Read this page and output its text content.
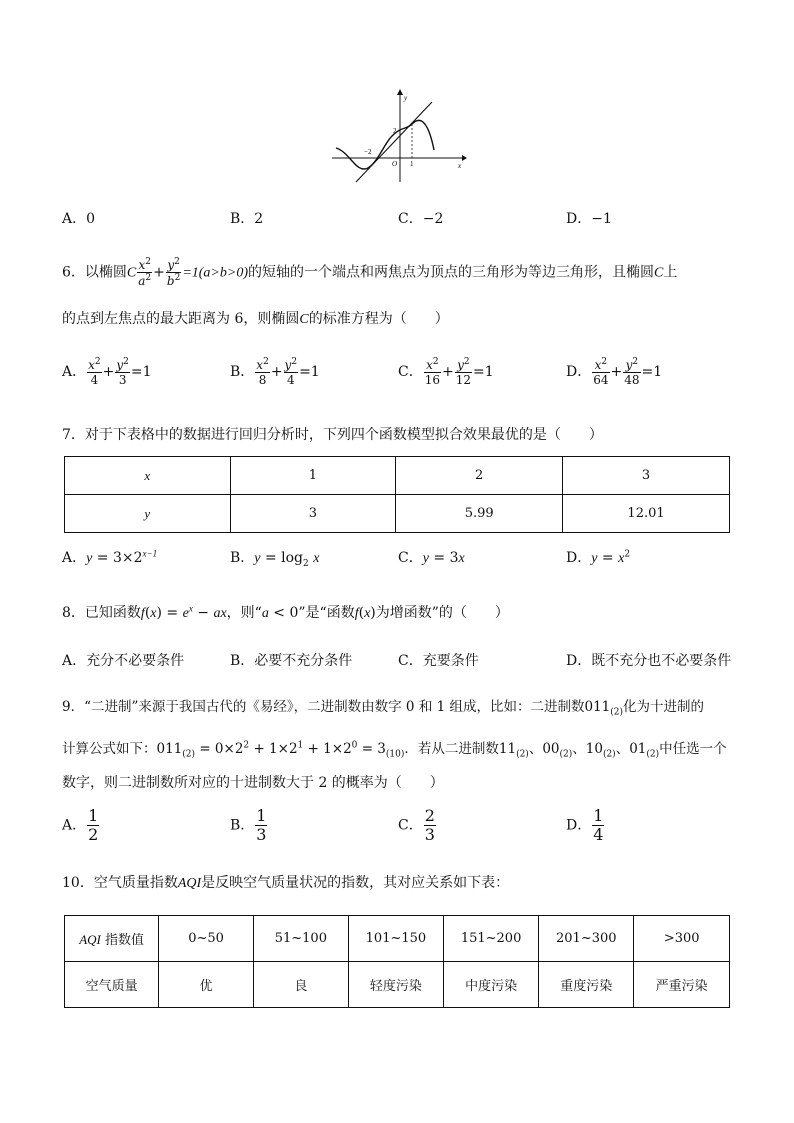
y
x
O
2
−2
1
A．0	B．2	C．−2	D．−1
6．以椭圆C $\frac{x^2}{a^2} + \frac{y^2}{b^2} =1(a>b>0)$的短轴的一个端点和两焦点为顶点的三角形为等边三角形，且椭圆C上
的点到左焦点的最大距离为 6，则椭圆C的标准方程为（　　）
A． $\frac{x^2}{4} + \frac{y^2}{3} =1$	B． $\frac{x^2}{8} + \frac{y^2}{4} =1$	C． $\frac{x^2}{16} + \frac{y^2}{12} =1$	D． $\frac{x^2}{64} + \frac{y^2}{48} =1$
7．对于下表格中的数据进行回归分析时，下列四个函数模型拟合效果最优的是（　　）
x	1	2	3
y	3	5.99	12.01
A．$y = 3\times 2^{x-1}$	B．$y = \log_2 x$	C．y = 3x	D．$y = x^2$
8．已知函数$f(x) = e^x$ − ax，则“a < 0”是“函数f(x)为增函数”的（　　）
A．充分不必要条件	B．必要不充分条件	C．充要条件	D．既不充分也不必要条件
9．“二进制”来源于我国古代的《易经》，二进制数由数字 0 和 1 组成，比如：二进制数$011_{(2)}$化为十进制的
计算公式如下：$011_{(2)} = 0\times 2^2 + 1\times 2^1 + 1\times 2^0 = 3_{(10)}$．若从二进制数$11_{(2)}$、$00_{(2)}$、$10_{(2)}$、$01_{(2)}$中任选一个
数字，则二进制数所对应的十进制数大于 2 的概率为（　　）
A． $\frac{1}{2}$	B． $\frac{1}{3}$	C． $\frac{2}{3}$	D． $\frac{1}{4}$
10．空气质量指数AQI是反映空气质量状况的指数，其对应关系如下表：
AQI 指数值	0~50	51~100	101~150	151~200	201~300	>300
空气质量	优	良	轻度污染	中度污染	重度污染	严重污染
